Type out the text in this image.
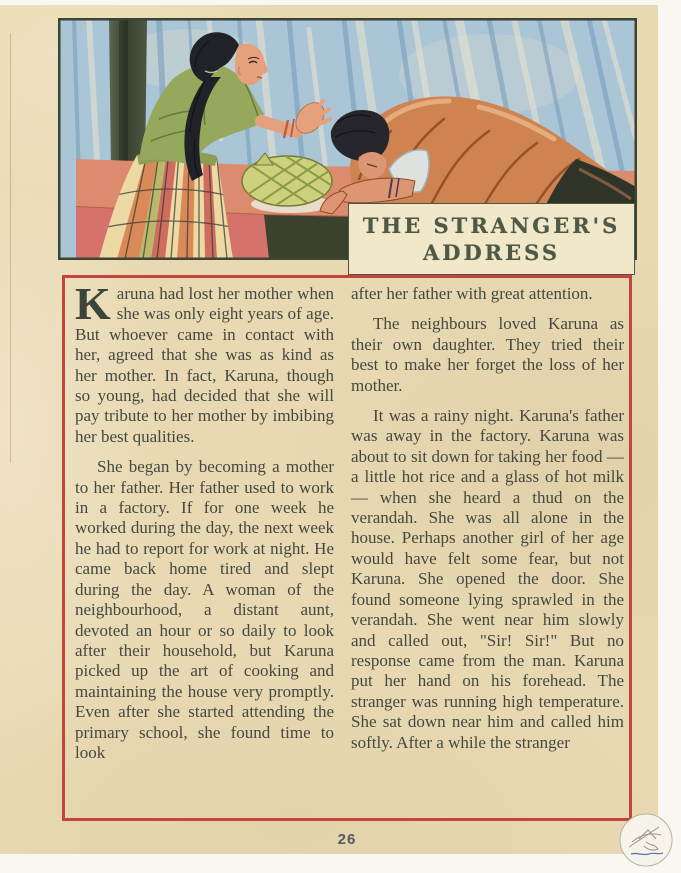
THE STRANGER'S
ADDRESS

Karuna had lost her mother when she was only eight years of age. But whoever came in contact with her, agreed that she was as kind as her mother. In fact, Karuna, though so young, had decided that she will pay tribute to her mother by imbibing her best qualities.

She began by becoming a mother to her father. Her father used to work in a factory. If for one week he worked during the day, the next week he had to report for work at night. He came back home tired and slept during the day. A woman of the neighbourhood, a distant aunt, devoted an hour or so daily to look after their household, but Karuna picked up the art of cooking and maintaining the house very promptly. Even after she started attending the primary school, she found time to look

after her father with great attention.

The neighbours loved Karuna as their own daughter. They tried their best to make her forget the loss of her mother.

It was a rainy night. Karuna's father was away in the factory. Karuna was about to sit down for taking her food — a little hot rice and a glass of hot milk — when she heard a thud on the verandah. She was all alone in the house. Perhaps another girl of her age would have felt some fear, but not Karuna. She opened the door. She found someone lying sprawled in the verandah. She went near him slowly and called out, "Sir! Sir!" But no response came from the man. Karuna put her hand on his forehead. The stranger was running high temperature. She sat down near him and called him softly. After a while the stranger

26
